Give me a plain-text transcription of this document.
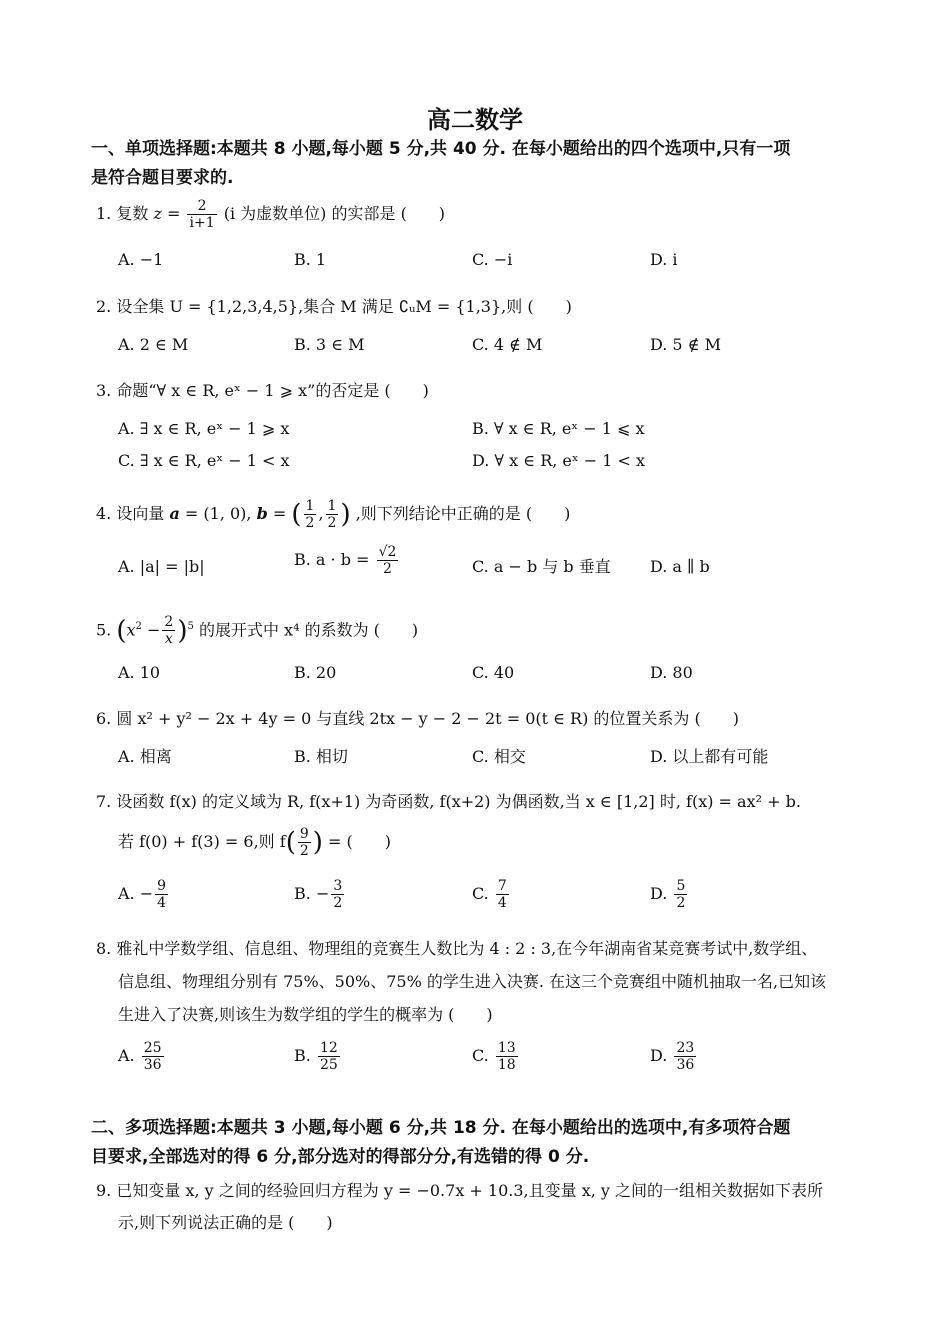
高二数学
一、单项选择题:本题共 8 小题,每小题 5 分,共 40 分. 在每小题给出的四个选项中,只有一项
是符合题目要求的.
1. 复数 $z = \frac{2}{i+1} (i$ 为虚数单位) 的实部是 (　　)
A. −1	B. 1	C. −i	D. i
2. 设全集 U = {1,2,3,4,5},集合 M 满足 ∁ᵤM = {1,3},则 (　　)
A. 2 ∈ M	B. 3 ∈ M	C. 4 ∉ M	D. 5 ∉ M
3. 命题“∀ x ∈ R, eˣ − 1 ⩾ x”的否定是 (　　)
A. ∃ x ∈ R, eˣ − 1 ⩾ x	B. ∀ x ∈ R, eˣ − 1 ⩽ x
C. ∃ x ∈ R, eˣ − 1 < x	D. ∀ x ∈ R, eˣ − 1 < x
4. 设向量 a = (1, 0), b = ( $\frac{1}{2}$ , $\frac{1}{2}$ ) ,则下列结论中正确的是 (　　)
A. |a| = |b|	B. $a \cdot b = \frac{√2}{2}$	C. a − b 与 b 垂直 D. a ∥ b
5. $(x^2 - \frac{2}{x} )^5$ 的展开式中 x⁴ 的系数为 (　　)
A. 10	B. 20	C. 40	D. 80
6. 圆 x² + y² − 2x + 4y = 0 与直线 2tx − y − 2 − 2t = 0(t ∈ R) 的位置关系为 (　　)
A. 相离	B. 相切	C. 相交	D. 以上都有可能
7. 设函数 f(x) 的定义域为 R, f(x+1) 为奇函数, f(x+2) 为偶函数,当 x ∈ [1,2] 时, f(x) = ax² + b.
若 f(0) + f(3) = 6,则 $f( \frac{9}{2}$ ) = (　　)
A. − $\frac{9}{4}$	B. − $\frac{3}{2}$	C. $\frac{7}{4}$	D. $\frac{5}{2}$
8. 雅礼中学数学组、信息组、物理组的竞赛生人数比为 4 : 2 : 3,在今年湖南省某竞赛考试中,数学组、
信息组、物理组分别有 75%、50%、75% 的学生进入决赛. 在这三个竞赛组中随机抽取一名,已知该
生进入了决赛,则该生为数学组的学生的概率为 (　　)
A. $\frac{25}{36}$	B. $\frac{12}{25}$	C. $\frac{13}{18}$	D. $\frac{23}{36}$
二、多项选择题:本题共 3 小题,每小题 6 分,共 18 分. 在每小题给出的选项中,有多项符合题
目要求,全部选对的得 6 分,部分选对的得部分分,有选错的得 0 分.
9. 已知变量 x, y 之间的经验回归方程为 y = −0.7x + 10.3,且变量 x, y 之间的一组相关数据如下表所
示,则下列说法正确的是 (　　)
